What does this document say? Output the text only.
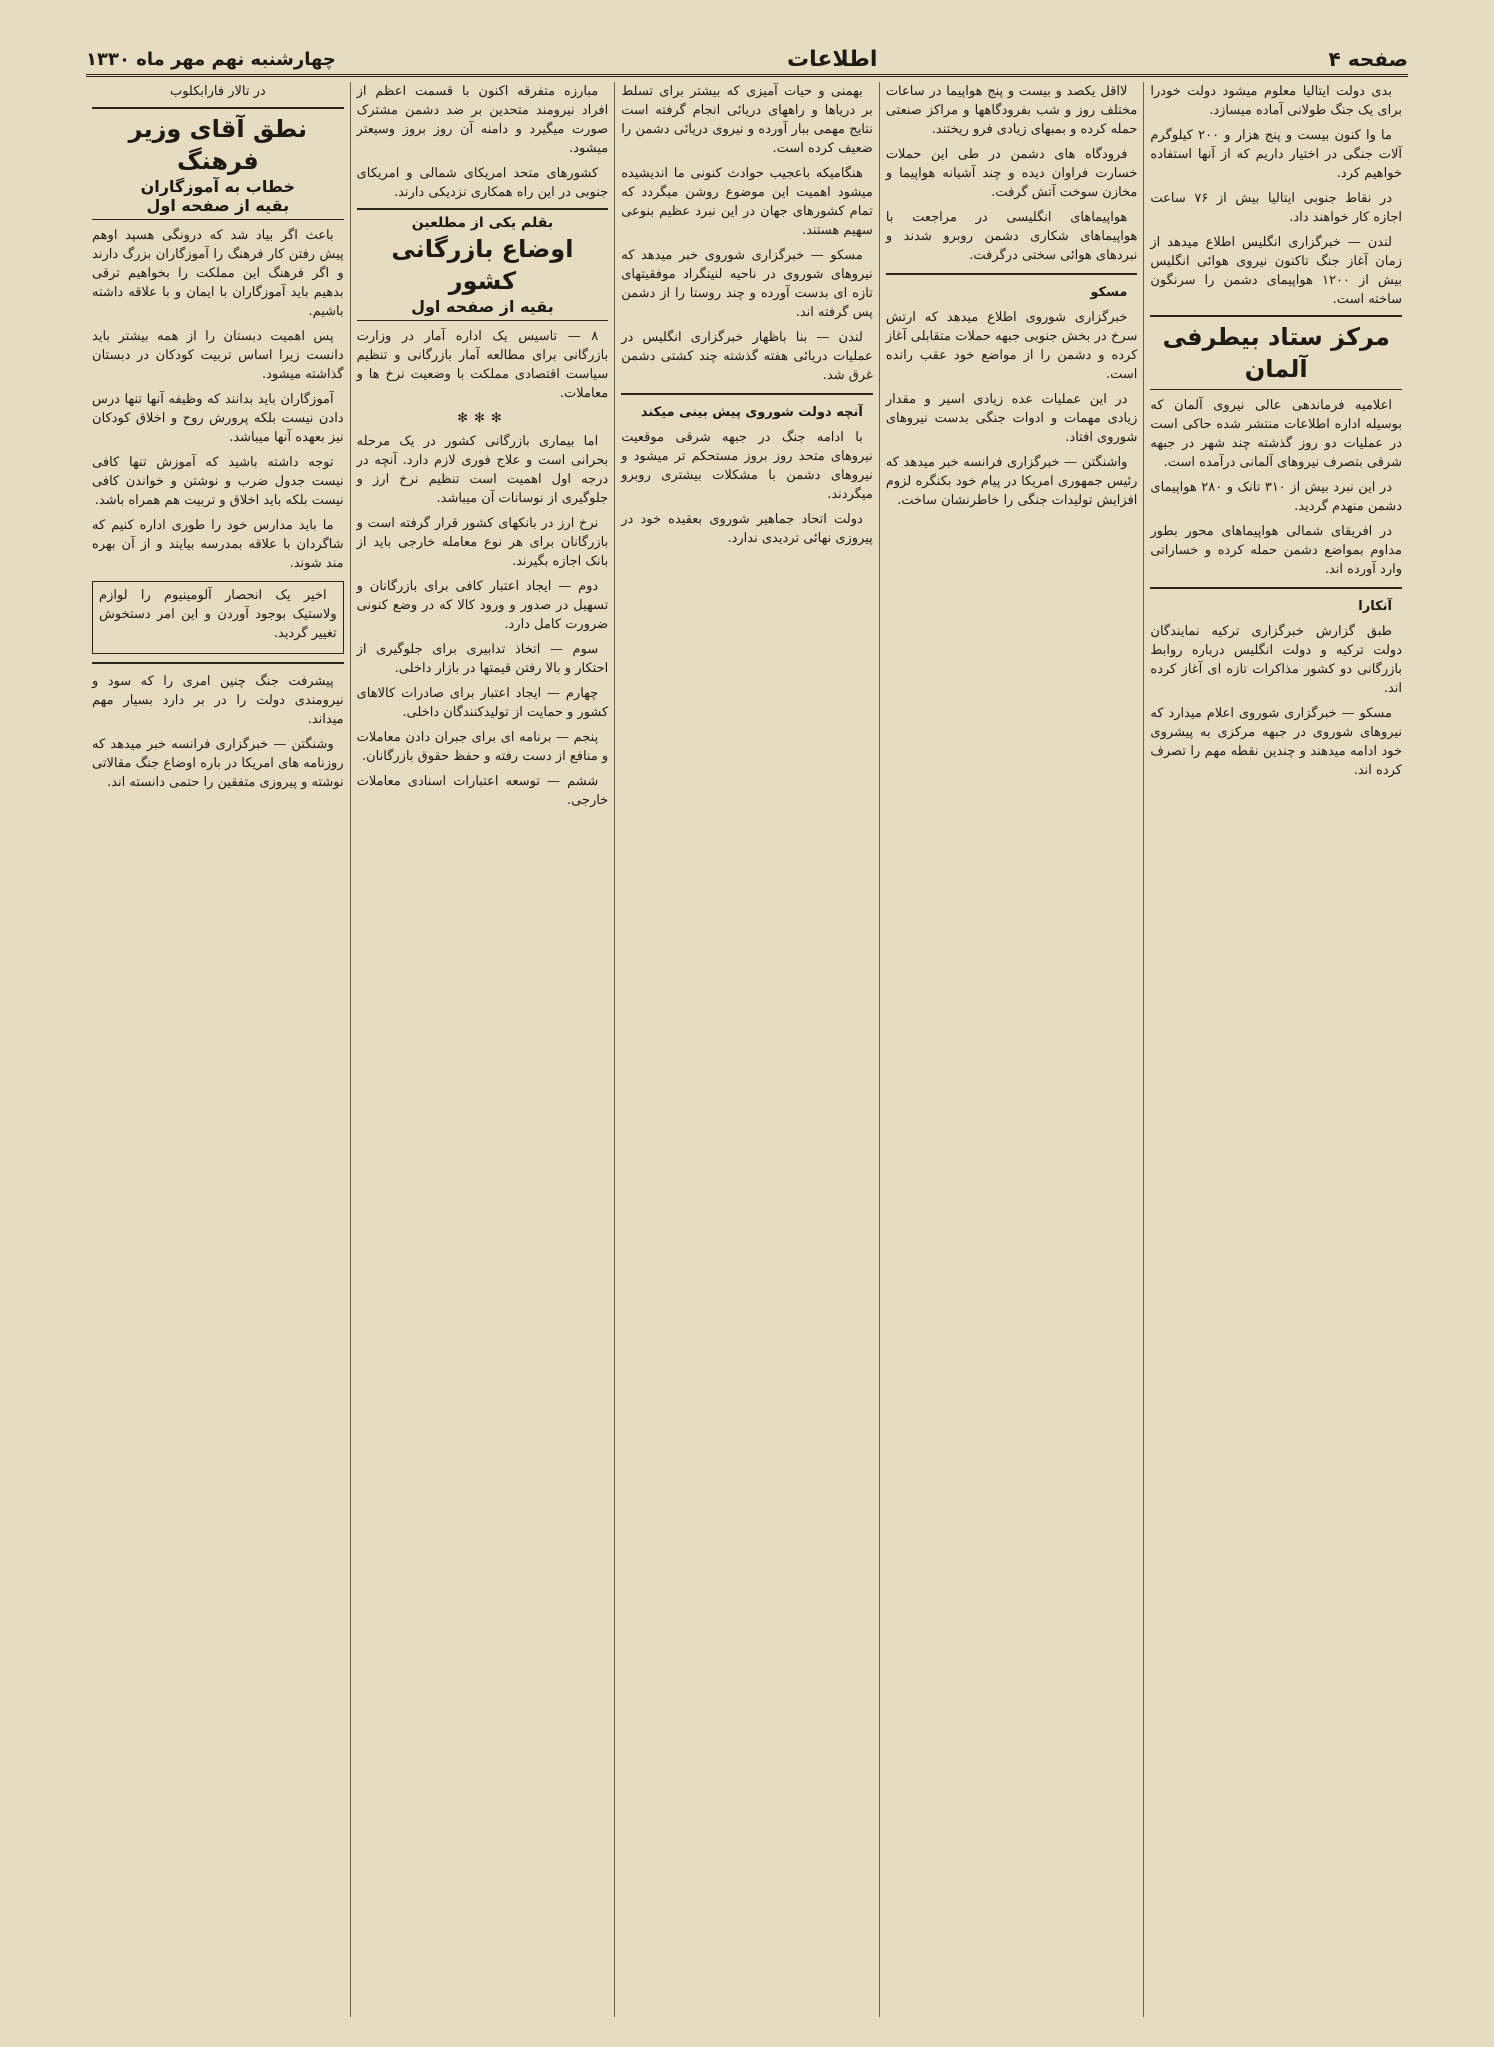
صفحه ۴
اطلاعات
چهارشنبه نهم مهر ماه ۱۳۳۰

بدی دولت ایتالیا معلوم میشود دولت خودرا برای یک جنگ طولانی آماده میسازد.

ما وا کنون بیست و پنج هزار و ۲۰۰ کیلوگرم آلات جنگی در اختیار داریم که از آنها استفاده خواهیم کرد.

در نقاط جنوبی ایتالیا بیش از ۷۶ ساعت اجازه کار خواهند داد.

لندن — خبرگزاری انگلیس اطلاع میدهد از زمان آغاز جنگ تاکنون نیروی هوائی انگلیس بیش از ۱۲۰۰ هواپیمای دشمن را سرنگون ساخته است.

مرکز ستاد بیطرفی آلمان

اعلامیه فرماندهی عالی نیروی آلمان که بوسیله اداره اطلاعات منتشر شده حاکی است در عملیات دو روز گذشته چند شهر در جبهه شرقی بتصرف نیروهای آلمانی درآمده است.

در این نبرد بیش از ۳۱۰ تانک و ۲۸۰ هواپیمای دشمن منهدم گردید.

در افریقای شمالی هواپیماهای محور بطور مداوم بمواضع دشمن حمله کرده و خساراتی وارد آورده اند.

آنکارا

طبق گزارش خبرگزاری ترکیه نمایندگان دولت ترکیه و دولت انگلیس درباره روابط بازرگانی دو کشور مذاکرات تازه ای آغاز کرده اند.

مسکو — خبرگزاری شوروی اعلام میدارد که نیروهای شوروی در جبهه مرکزی به پیشروی خود ادامه میدهند و چندین نقطه مهم را تصرف کرده اند.

لااقل یکصد و بیست و پنج هواپیما در ساعات مختلف روز و شب بفرودگاهها و مراکز صنعتی حمله کرده و بمبهای زیادی فرو ریختند.

فرودگاه های دشمن در طی این حملات خسارت فراوان دیده و چند آشیانه هواپیما و مخازن سوخت آتش گرفت.

هواپیماهای انگلیسی در مراجعت با هواپیماهای شکاری دشمن روبرو شدند و نبردهای هوائی سختی درگرفت.

مسکو

خبرگزاری شوروی اطلاع میدهد که ارتش سرخ در بخش جنوبی جبهه حملات متقابلی آغاز کرده و دشمن را از مواضع خود عقب رانده است.

در این عملیات عده زیادی اسیر و مقدار زیادی مهمات و ادوات جنگی بدست نیروهای شوروی افتاد.

واشنگتن — خبرگزاری فرانسه خبر میدهد که رئیس جمهوری امریکا در پیام خود بکنگره لزوم افزایش تولیدات جنگی را خاطرنشان ساخت.

بهمنی و حیات آمیزی که بیشتر برای تسلط بر دریاها و راههای دریائی انجام گرفته است نتایج مهمی ببار آورده و نیروی دریائی دشمن را ضعیف کرده است.

هنگامیکه باعجیب حوادث کنونی ما اندیشیده میشود اهمیت این موضوع روشن میگردد که تمام کشورهای جهان در این نبرد عظیم بنوعی سهیم هستند.

مسکو — خبرگزاری شوروی خبر میدهد که نیروهای شوروی در ناحیه لنینگراد موفقیتهای تازه ای بدست آورده و چند روستا را از دشمن پس گرفته اند.

لندن — بنا باظهار خبرگزاری انگلیس در عملیات دریائی هفته گذشته چند کشتی دشمن غرق شد.

آنچه دولت شوروی پیش بینی میکند

با ادامه جنگ در جبهه شرقی موقعیت نیروهای متحد روز بروز مستحکم تر میشود و نیروهای دشمن با مشکلات بیشتری روبرو میگردند.

دولت اتحاد جماهیر شوروی بعقیده خود در پیروزی نهائی تردیدی ندارد.

مبارزه متفرقه اکنون با قسمت اعظم از افراد نیرومند متحدین بر ضد دشمن مشترک صورت میگیرد و دامنه آن روز بروز وسیعتر میشود.

کشورهای متحد امریکای شمالی و امریکای جنوبی در این راه همکاری نزدیکی دارند.

بقلم یکی از مطلعین
اوضاع بازرگانی کشور
بقیه از صفحه اول

۸ — تاسیس یک اداره آمار در وزارت بازرگانی برای مطالعه آمار بازرگانی و تنظیم سیاست اقتصادی مملکت با وضعیت نرخ ها و معاملات.

✻✻✻

اما بیماری بازرگانی کشور در یک مرحله بحرانی است و علاج فوری لازم دارد. آنچه در درجه اول اهمیت است تنظیم نرخ ارز و جلوگیری از نوسانات آن میباشد.

نرخ ارز در بانکهای کشور قرار گرفته است و بازرگانان برای هر نوع معامله خارجی باید از بانک اجازه بگیرند.

دوم — ایجاد اعتبار کافی برای بازرگانان و تسهیل در صدور و ورود کالا که در وضع کنونی ضرورت کامل دارد.

سوم — اتخاذ تدابیری برای جلوگیری از احتکار و بالا رفتن قیمتها در بازار داخلی.

چهارم — ایجاد اعتبار برای صادرات کالاهای کشور و حمایت از تولیدکنندگان داخلی.

پنجم — برنامه ای برای جبران دادن معاملات و منافع از دست رفته و حفظ حقوق بازرگانان.

ششم — توسعه اعتبارات اسنادی معاملات خارجی.

در تالار فارابکلوب
نطق آقای وزیر فرهنگ
خطاب به آموزگاران
بقیه از صفحه اول

باعث اگر بیاد شد که درونگی هسپد اوهم پیش رفتن کار فرهنگ را آموزگاران بزرگ دارند و اگر فرهنگ این مملکت را بخواهیم ترقی بدهیم باید آموزگاران با ایمان و با علاقه داشته باشیم.

پس اهمیت دبستان را از همه بیشتر باید دانست زیرا اساس تربیت کودکان در دبستان گذاشته میشود.

آموزگاران باید بدانند که وظیفه آنها تنها درس دادن نیست بلکه پرورش روح و اخلاق کودکان نیز بعهده آنها میباشد.

توجه داشته باشید که آموزش تنها کافی نیست جدول ضرب و نوشتن و خواندن کافی نیست بلکه باید اخلاق و تربیت هم همراه باشد.

ما باید مدارس خود را طوری اداره کنیم که شاگردان با علاقه بمدرسه بیایند و از آن بهره مند شوند.

اخیر یک انحصار آلومینیوم را لوازم ولاستیک بوجود آوردن و این امر دستخوش تغییر گردید.

پیشرفت جنگ چنین امری را که سود و نیرومندی دولت را در بر دارد بسیار مهم میداند.

وشنگتن — خبرگزاری فرانسه خبر میدهد که روزنامه های امریکا در باره اوضاع جنگ مقالاتی نوشته و پیروزی متفقین را حتمی دانسته اند.
